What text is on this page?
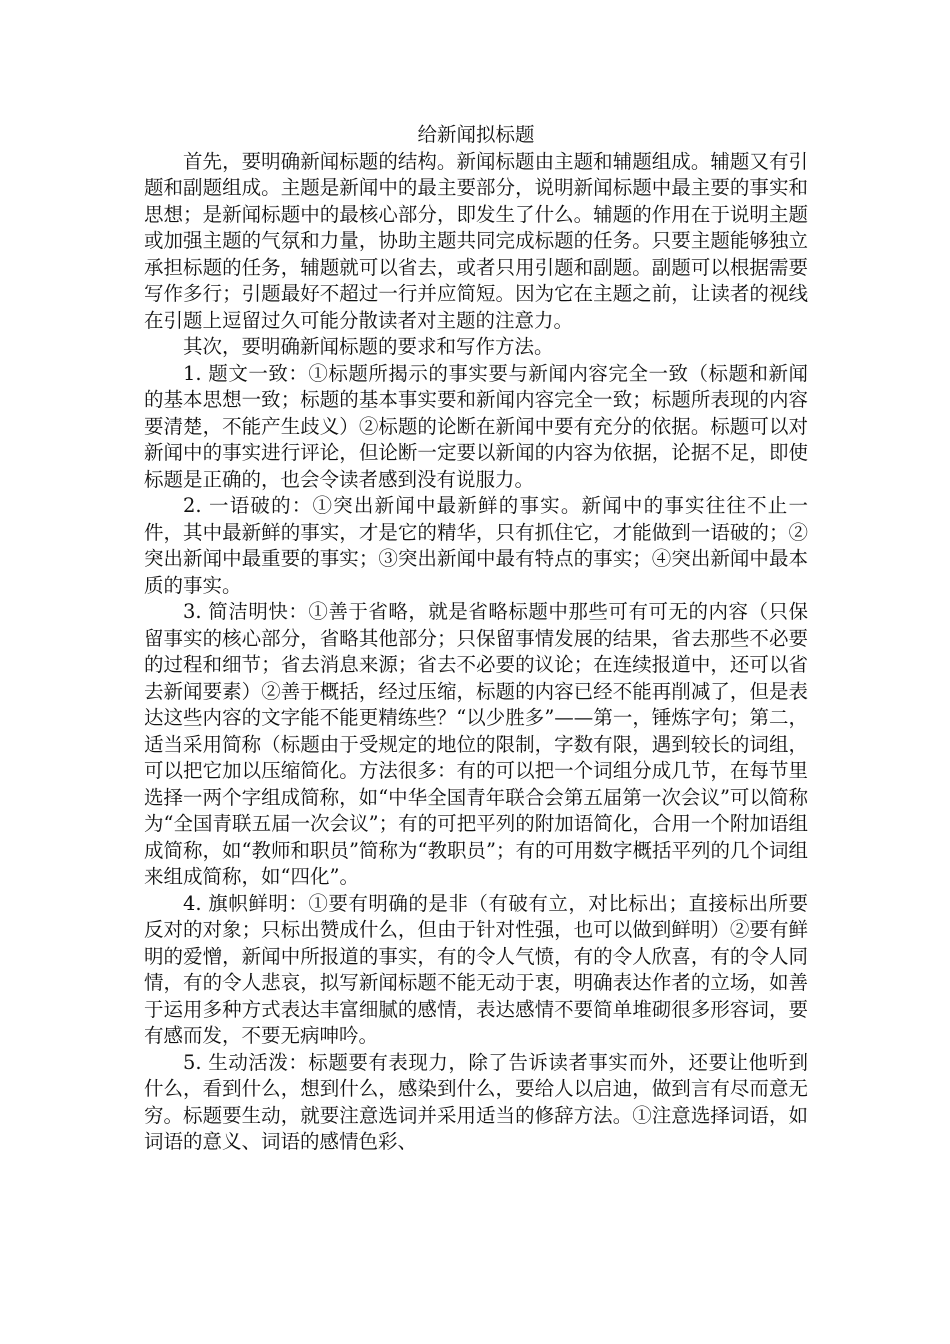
给新闻拟标题

首先，要明确新闻标题的结构。新闻标题由主题和辅题组成。辅题又有引题和副题组成。主题是新闻中的最主要部分，说明新闻标题中最主要的事实和思想；是新闻标题中的最核心部分，即发生了什么。辅题的作用在于说明主题或加强主题的气氛和力量，协助主题共同完成标题的任务。只要主题能够独立承担标题的任务，辅题就可以省去，或者只用引题和副题。副题可以根据需要写作多行；引题最好不超过一行并应简短。因为它在主题之前，让读者的视线在引题上逗留过久可能分散读者对主题的注意力。

其次，要明确新闻标题的要求和写作方法。

1. 题文一致：①标题所揭示的事实要与新闻内容完全一致（标题和新闻的基本思想一致；标题的基本事实要和新闻内容完全一致；标题所表现的内容要清楚，不能产生歧义）②标题的论断在新闻中要有充分的依据。标题可以对新闻中的事实进行评论，但论断一定要以新闻的内容为依据，论据不足，即使标题是正确的，也会令读者感到没有说服力。

2. 一语破的：①突出新闻中最新鲜的事实。新闻中的事实往往不止一件，其中最新鲜的事实，才是它的精华，只有抓住它，才能做到一语破的；②突出新闻中最重要的事实；③突出新闻中最有特点的事实；④突出新闻中最本质的事实。

3. 简洁明快：①善于省略，就是省略标题中那些可有可无的内容（只保留事实的核心部分，省略其他部分；只保留事情发展的结果，省去那些不必要的过程和细节；省去消息来源；省去不必要的议论；在连续报道中，还可以省去新闻要素）②善于概括，经过压缩，标题的内容已经不能再削减了，但是表达这些内容的文字能不能更精练些？“以少胜多”——第一，锤炼字句；第二，适当采用简称（标题由于受规定的地位的限制，字数有限，遇到较长的词组，可以把它加以压缩简化。方法很多：有的可以把一个词组分成几节，在每节里选择一两个字组成简称，如“中华全国青年联合会第五届第一次会议”可以简称为“全国青联五届一次会议”；有的可把平列的附加语简化，合用一个附加语组成简称，如“教师和职员”简称为“教职员”；有的可用数字概括平列的几个词组来组成简称，如“四化”。

4. 旗帜鲜明：①要有明确的是非（有破有立，对比标出；直接标出所要反对的对象；只标出赞成什么，但由于针对性强，也可以做到鲜明）②要有鲜明的爱憎，新闻中所报道的事实，有的令人气愤，有的令人欣喜，有的令人同情，有的令人悲哀，拟写新闻标题不能无动于衷，明确表达作者的立场，如善于运用多种方式表达丰富细腻的感情，表达感情不要简单堆砌很多形容词，要有感而发，不要无病呻吟。

5. 生动活泼：标题要有表现力，除了告诉读者事实而外，还要让他听到什么，看到什么，想到什么，感染到什么，要给人以启迪，做到言有尽而意无穷。标题要生动，就要注意选词并采用适当的修辞方法。①注意选择词语，如词语的意义、词语的感情色彩、
